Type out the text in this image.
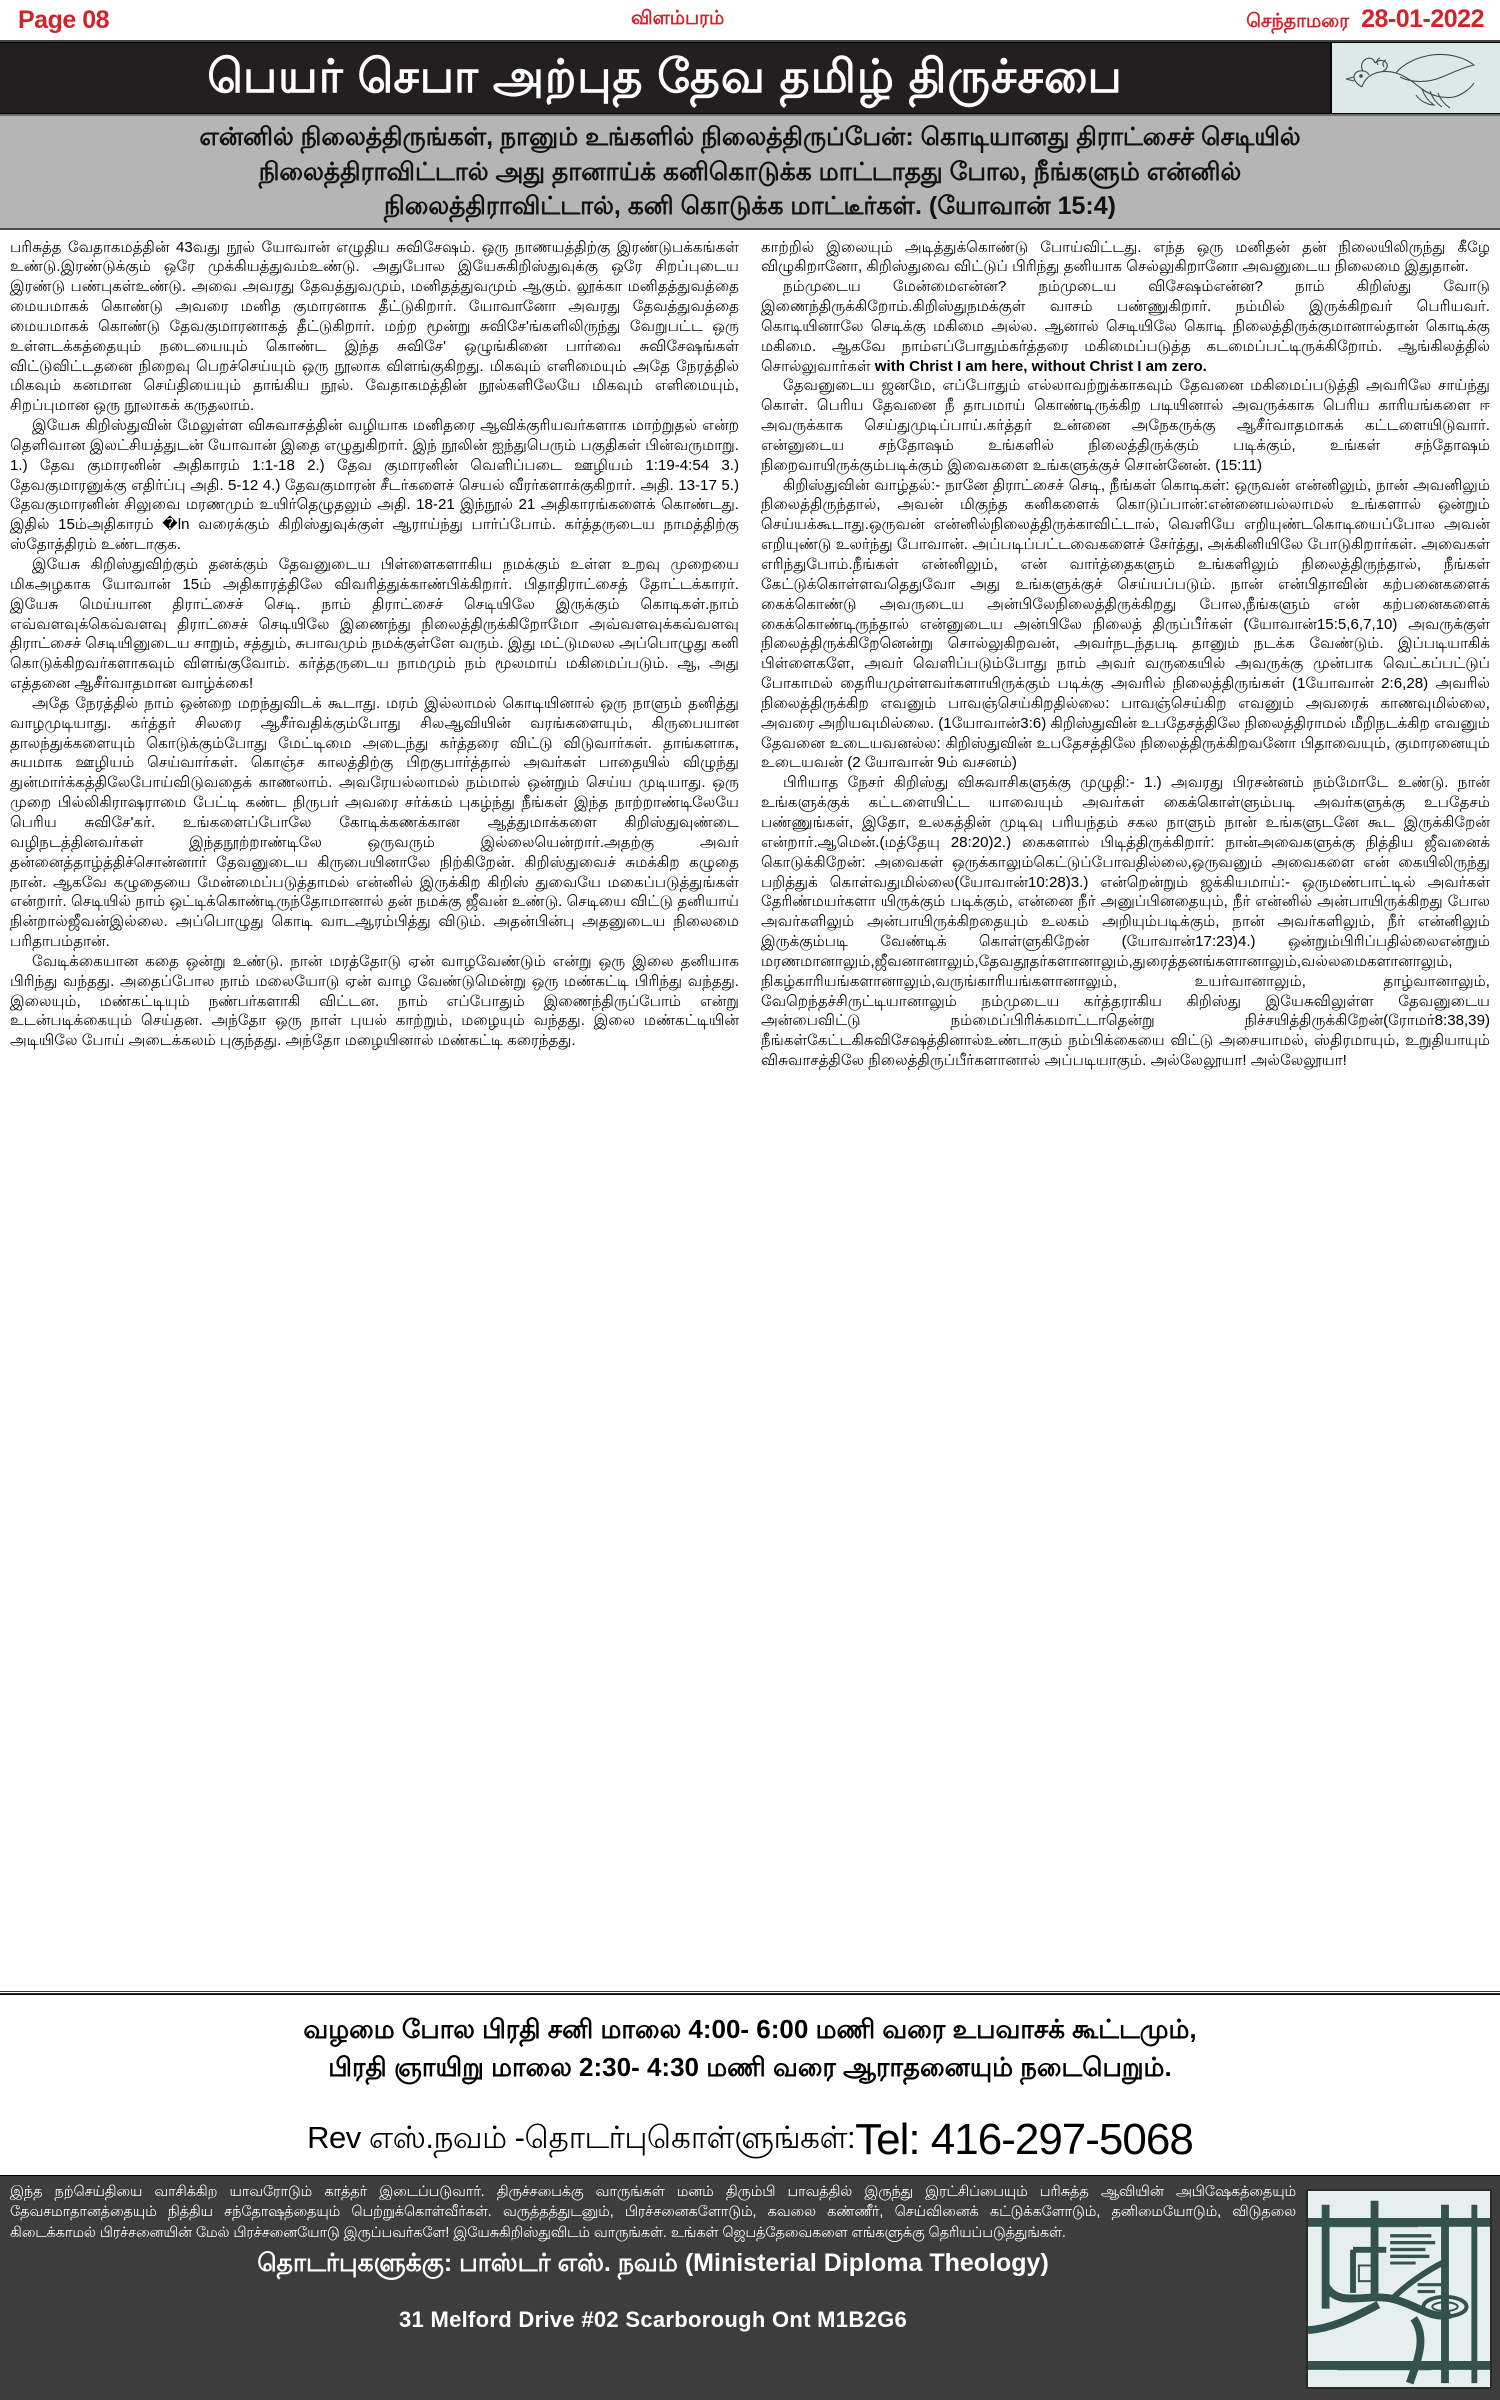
Page 08	விளம்பரம்	செந்தாமரை 28-01-2022
பெயர் செபா அற்புத தேவ தமிழ் திருச்சபை
என்னில் நிலைத்திருங்கள், நானும் உங்களில் நிலைத்திருப்பேன்: கொடியானது திராட்சைச் செடியில்
நிலைத்திராவிட்டால் அது தானாய்க் கனிகொடுக்க மாட்டாதது போல, நீங்களும் என்னில்
நிலைத்திராவிட்டால், கனி கொடுக்க மாட்டீர்கள். (யோவான் 15:4)

பரிசுத்த வேதாகமத்தின் 43வது நூல் யோவான் எழுதிய சுவிசேஷம். ஒரு நாணயத்திற்கு இரண்டுபக்கங்கள் உண்டு.இரண்டுக்கும் ஒரே முக்கியத்துவம்உண்டு. அதுபோல இயேசுகிறிஸ்துவுக்கு ஒரே சிறப்புடைய இரண்டு பண்புகள்உண்டு. அவை அவரது தேவத்துவமும், மனிதத்துவமும் ஆகும். லூக்கா மனிதத்துவத்தை மையமாகக் கொண்டு அவரை மனித குமாரனாக தீட்டுகிறார். யோவானோ அவரது தேவத்துவத்தை மையமாகக் கொண்டு தேவகுமாரனாகத் தீட்டுகிறார். மற்ற மூன்று சுவிசே'ங்களிலிருந்து வேறுபட்ட ஒரு உள்ளடக்கத்தையும் நடையையும் கொண்ட இந்த சுவிசே' ஒழுங்கினை பார்வை சுவிசேஷங்கள் விட்டுவிட்டதனை நிறைவு பெறச்செய்யும் ஒரு நூலாக விளங்குகிறது. மிகவும் எளிமையும் அதே நேரத்தில் மிகவும் கனமான செய்தியையும் தாங்கிய நூல். வேதாகமத்தின் நூல்களிலேயே மிகவும் எளிமையும், சிறப்புமான ஒரு நூலாகக் கருதலாம்.

இயேசு கிறிஸ்துவின் மேலுள்ள விசுவாசத்தின் வழியாக மனிதரை ஆவிக்குரியவர்களாக மாற்றுதல் என்ற தெளிவான இலட்சியத்துடன் யோவான் இதை எழுதுகிறார். இந் நூலின் ஐந்துபெரும் பகுதிகள் பின்வருமாறு. 1.) தேவ குமாரனின் அதிகாரம் 1:1-18 2.) தேவ குமாரனின் வெளிப்படை ஊழியம் 1:19-4:54 3.) தேவகுமாரனுக்கு எதிர்ப்பு அதி. 5-12 4.) தேவகுமாரன் சீடர்களைச் செயல் வீரர்களாக்குகிறார். அதி. 13-17 5.) தேவகுமாரனின் சிலுவை மரணமும் உயிர்தெழுதலும் அதி. 18-21 இந்நூல் 21 அதிகாரங்களைக் கொண்டது. இதில் 15ம்அதிகாரம் �ln வரைக்கும் கிறிஸ்துவுக்குள் ஆராய்ந்து பார்ப்போம். கர்த்தருடைய நாமத்திற்கு ஸ்தோத்திரம் உண்டாகுக.

இயேசு கிறிஸ்துவிற்கும் தனக்கும் தேவனுடைய பிள்ளைகளாகிய நமக்கும் உள்ள உறவு முறையை மிகஅழகாக யோவான் 15ம் அதிகாரத்திலே விவரித்துக்காண்பிக்கிறார். பிதாதிராட்சைத் தோட்டக்காரர். இயேசு மெய்யான திராட்சைச் செடி. நாம் திராட்சைச் செடியிலே இருக்கும் கொடிகள்.நாம் எவ்வளவுக்கெவ்வளவு திராட்சைச் செடியிலே இணைந்து நிலைத்திருக்கிறோமோ அவ்வளவுக்கவ்வளவு திராட்சைச் செடியினுடைய சாறும், சத்தும், சுபாவமும் நமக்குள்ளே வரும். இது மட்டுமலல அப்பொழுது கனி கொடுக்கிறவர்களாகவும் விளங்குவோம். கர்த்தருடைய நாமமும் நம் மூலமாய் மகிமைப்படும். ஆ, அது எத்தனை ஆசீர்வாதமான வாழ்க்கை!

அதே நேரத்தில் நாம் ஒன்றை மறந்துவிடக் கூடாது. மரம் இல்லாமல் கொடியினால் ஒரு நாளும் தனித்து வாழமுடியாது. கர்த்தர் சிலரை ஆசீர்வதிக்கும்போது சிலஆவியின் வரங்களையும், கிருபையான தாலந்துக்களையும் கொடுக்கும்போது மேட்டிமை அடைந்து கர்த்தரை விட்டு விடுவார்கள். தாங்களாக, சுயமாக ஊழியம் செய்வார்கள். கொஞ்ச காலத்திற்கு பிறகுபார்த்தால் அவர்கள் பாதையில் விழுந்து துன்மார்க்கத்திலேபோய்விடுவதைக் காணலாம். அவரேயல்லாமல் நம்மால் ஒன்றும் செய்ய முடியாது. ஒரு முறை பில்லிகிராஷராமை பேட்டி கண்ட நிருபர் அவரை சர்க்கம் புகழ்ந்து நீங்கள் இந்த நாற்றாண்டிலேயே பெரிய சுவிசே'கர். உங்களைப்போலே கோடிக்கணக்கான ஆத்துமாக்களை கிறிஸ்துவுண்டை வழிநடத்தினவர்கள் இந்தநூற்றாண்டிலே ஒருவரும் இல்லையென்றார்.அதற்கு அவர் தன்னைத்தாழ்த்திச்சொன்னார் தேவனுடைய கிருபையினாலே நிற்கிறேன். கிறிஸ்துவைச் சுமக்கிற கழுதை நான். ஆகவே கழுதையை மேன்மைப்படுத்தாமல் என்னில் இருக்கிற கிறிஸ் துவையே மகைப்படுத்துங்கள் என்றார். செடியில் நாம் ஒட்டிக்கொண்டிருந்தோமானால் தன் நமக்கு ஜீவன் உண்டு. செடியை விட்டு தனியாய் நின்றால்ஜீவன்இல்லை. அப்பொழுது கொடி வாடஆரம்பித்து விடும். அதன்பின்பு அதனுடைய நிலைமை பரிதாபம்தான்.

வேடிக்கையான கதை ஒன்று உண்டு. நான் மரத்தோடு ஏன் வாழவேண்டும் என்று ஒரு இலை தனியாக பிரிந்து வந்தது. அதைப்போல நாம் மலையோடு ஏன் வாழ வேண்டுமென்று ஒரு மண்கட்டி பிரிந்து வந்தது. இலையும், மண்கட்டியும் நண்பர்களாகி விட்டன. நாம் எப்போதும் இணைந்திருப்போம் என்று உடன்படிக்கையும் செய்தன. அந்தோ ஒரு நாள் புயல் காற்றும், மழையும் வந்தது. இலை மண்கட்டியின் அடியிலே போய் அடைக்கலம் புகுந்தது. அந்தோ மழையினால் மண்கட்டி கரைந்தது.

காற்றில் இலையும் அடித்துக்கொண்டு போய்விட்டது. எந்த ஒரு மனிதன் தன் நிலையிலிருந்து கீழே விழுகிறானோ, கிறிஸ்துவை விட்டுப் பிரிந்து தனியாக செல்லுகிறானோ அவனுடைய நிலைமை இதுதான்.

நம்முடைய மேன்மைஎன்ன? நம்முடைய விசேஷம்என்ன? நாம் கிறிஸ்து வோடு இணைந்திருக்கிறோம்.கிறிஸ்துநமக்குள் வாசம் பண்ணுகிறார். நம்மில் இருக்கிறவர் பெரியவர். கொடியினாலே செடிக்கு மகிமை அல்ல. ஆனால் செடியிலே கொடி நிலைத்திருக்குமானால்தான் கொடிக்கு மகிமை. ஆகவே நாம்எப்போதும்கர்த்தரை மகிமைப்படுத்த கடமைப்பட்டிருக்கிறோம். ஆங்கிலத்தில் சொல்லுவார்கள் with Christ I am here, without Christ I am zero.

தேவனுடைய ஜனமே, எப்போதும் எல்லாவற்றுக்காகவும் தேவனை மகிமைப்படுத்தி அவரிலே சாய்ந்து கொள். பெரிய தேவனை நீ தாபமாய் கொண்டிருக்கிற படியினால் அவருக்காக பெரிய காரியங்களை ஈ அவருக்காக செய்துமுடிப்பாய்.கர்த்தர் உன்னை அநேகருக்கு ஆசீர்வாதமாகக் கட்டளையிடுவார். என்னுடைய சந்தோஷம் உங்களில் நிலைத்திருக்கும் படிக்கும், உங்கள் சந்தோஷம் நிறைவாயிருக்கும்படிக்கும் இவைகளை உங்களுக்குச் சொன்னேன். (15:11)

கிறிஸ்துவின் வாழ்தல்:- நானே திராட்சைச் செடி, நீங்கள் கொடிகள்: ஒருவன் என்னிலும், நான் அவனிலும் நிலைத்திருந்தால், அவன் மிகுந்த கனிகளைக் கொடுப்பான்:என்னையல்லாமல் உங்களால் ஒன்றும் செய்யக்கூடாது.ஒருவன் என்னில்நிலைத்திருக்காவிட்டால், வெளியே எறியுண்டகொடியைப்போல அவன் எறியுண்டு உலர்ந்து போவான். அப்படிப்பட்டவைகளைச் சேர்த்து, அக்கினியிலே போடுகிறார்கள். அவைகள் எரிந்துபோம்.நீங்கள் என்னிலும், என் வார்த்தைகளும் உங்களிலும் நிலைத்திருந்தால், நீங்கள் கேட்டுக்கொள்ளவதெதுவோ அது உங்களுக்குச் செய்யப்படும். நான் என்பிதாவின் கற்பனைகளைக் கைக்கொண்டு அவருடைய அன்பிலேநிலைத்திருக்கிறது போல,நீங்களும் என் கற்பனைகளைக் கைக்கொண்டிருந்தால் என்னுடைய அன்பிலே நிலைத் திருப்பீர்கள் (யோவான்15:5,6,7,10) அவருக்குள் நிலைத்திருக்கிறேனென்று சொல்லுகிறவன், அவர்நடந்தபடி தானும் நடக்க வேண்டும். இப்படியாகிக் பிள்ளைகளே, அவர் வெளிப்படும்போது நாம் அவர் வருகையில் அவருக்கு முன்பாக வெட்கப்பட்டுப் போகாமல் தைரியமுள்ளவர்களாயிருக்கும் படிக்கு அவரில் நிலைத்திருங்கள் (1யோவான் 2:6,28) அவரில் நிலைத்திருக்கிற எவனும் பாவஞ்செய்கிறதில்லை: பாவஞ்செய்கிற எவனும் அவரைக் காணவுமில்லை, அவரை அறியவுமில்லை. (1யோவான்3:6) கிறிஸ்துவின் உபதேசத்திலே நிலைத்திராமல் மீறிநடக்கிற எவனும் தேவனை உடையவனல்ல: கிறிஸ்துவின் உபதேசத்திலே நிலைத்திருக்கிறவனோ பிதாவையும், குமாரனையும் உடையவன் (2 யோவான் 9ம் வசனம்)

பிரியாத நேசர் கிறிஸ்து விசுவாசிகளுக்கு முழுதி:- 1.) அவரது பிரசன்னம் நம்மோடே உண்டு. நான் உங்களுக்குக் கட்டளையிட்ட யாவையும் அவர்கள் கைக்கொள்ளும்படி அவர்களுக்கு உபதேசம் பண்ணுங்கள், இதோ, உலகத்தின் முடிவு பரியந்தம் சகல நாளும் நான் உங்களுடனே கூட இருக்கிறேன் என்றார்.ஆமென்.(மத்தேயு 28:20)2.) கைகளால் பிடித்திருக்கிறார்: நான்அவைகளுக்கு நித்திய ஜீவனைக் கொடுக்கிறேன்: அவைகள் ஒருக்காலும்கெட்டுப்போவதில்லை,ஒருவனும் அவைகளை என் கையிலிருந்து பறித்துக் கொள்வதுமில்லை(யோவான்10:28)3.) என்றென்றும் ஜக்கியமாய்:- ஒருமண்பாட்டில் அவர்கள் தேரிண்மயர்களா யிருக்கும் படிக்கும், என்னை நீர் அனுப்பினதையும், நீர் என்னில் அன்பாயிருக்கிறது போல அவர்களிலும் அன்பாயிருக்கிறதையும் உலகம் அறியும்படிக்கும், நான் அவர்களிலும், நீர் என்னிலும் இருக்கும்படி வேண்டிக் கொள்ளுகிறேன் (யோவான்17:23)4.) ஒன்றும்பிரிப்பதில்லைஎன்றும் மரணமானாலும்,ஜீவனானாலும்,தேவதூதர்களானாலும்,துரைத்தனங்களானாலும்,வல்லமைகளானாலும், நிகழ்காரியங்களானாலும்,வருங்காரியங்களானாலும், உயர்வானாலும், தாழ்வானாலும், வேறெந்தச்சிருட்டியானாலும் நம்முடைய கர்த்தராகிய கிறிஸ்து இயேசுவிலுள்ள தேவனுடைய அன்பைவிட்டு நம்மைப்பிரிக்கமாட்டாதென்று நிச்சயித்திருக்கிறேன்(ரோமர்8:38,39) நீங்கள்கேட்டகிசுவிசேஷத்தினால்உண்டாகும் நம்பிக்கையை விட்டு அசையாமல், ஸ்திரமாயும், உறுதியாயும் விசுவாசத்திலே நிலைத்திருப்பீர்களானால் அப்படியாகும். அல்லேலூயா! அல்லேலூயா!

வழமை போல பிரதி சனி மாலை 4:00- 6:00 மணி வரை உபவாசக் கூட்டமும்,
பிரதி ஞாயிறு மாலை 2:30- 4:30 மணி வரை ஆராதனையும் நடைபெறும்.
Rev எஸ்.நவம் -தொடர்புகொள்ளுங்கள்: Tel: 416-297-5068

இந்த நற்செய்தியை வாசிக்கிற யாவரோடும் காத்தர் இடைப்படுவார். திருச்சபைக்கு வாருங்கள் மனம் திரும்பி பாவத்தில் இருந்து இரட்சிப்பையும் பரிசுத்த ஆவியின் அபிஷேகத்தையும் தேவசமாதானத்தையும் நித்திய சந்தோஷத்தையும் பெற்றுக்கொள்வீர்கள். வருத்தத்துடனும், பிரச்சனைகளோடும், கவலை கண்ணீர், செய்வினைக் கட்டுக்களோடும், தனிமையோடும், விடுதலை கிடைக்காமல் பிரச்சனையின் மேல் பிரச்சனையோடு இருப்பவர்களே! இயேசுகிறிஸ்துவிடம் வாருங்கள். உங்கள் ஜெபத்தேவைகளை எங்களுக்கு தெரியப்படுத்துங்கள்.

தொடர்புகளுக்கு: பாஸ்டர் எஸ். நவம் (Ministerial Diploma Theology)
31 Melford Drive #02 Scarborough Ont M1B2G6
